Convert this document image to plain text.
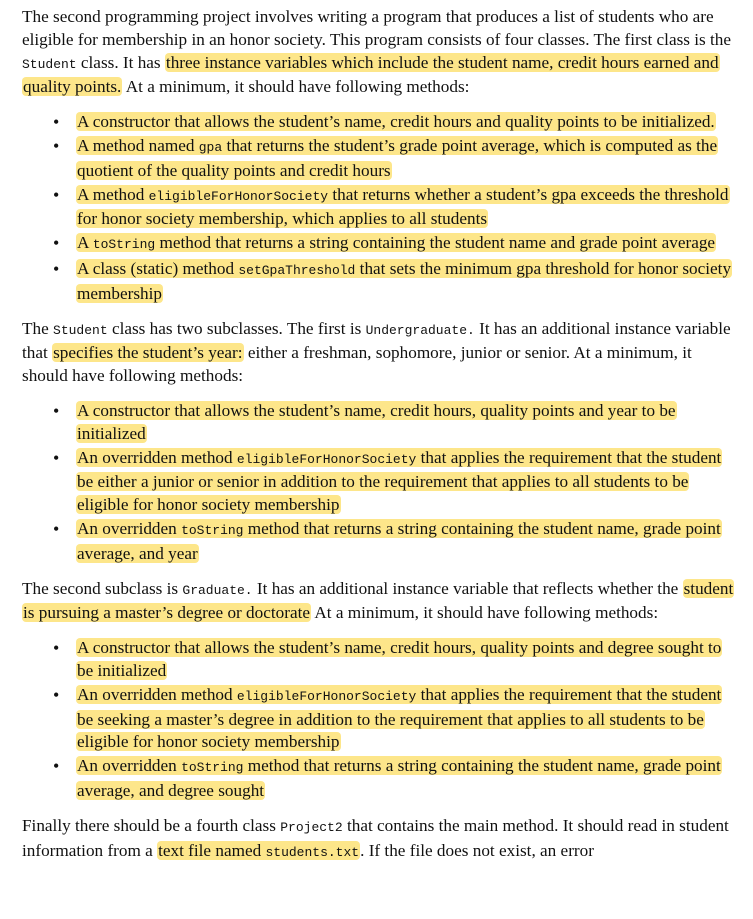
The second programming project involves writing a program that produces a list of students who are eligible for membership in an honor society. This program consists of four classes. The first class is the Student class. It has three instance variables which include the student name, credit hours earned and quality points. At a minimum, it should have following methods:

• A constructor that allows the student’s name, credit hours and quality points to be initialized.
• A method named gpa that returns the student’s grade point average, which is computed as the quotient of the quality points and credit hours
• A method eligibleForHonorSociety that returns whether a student’s gpa exceeds the threshold for honor society membership, which applies to all students
• A toString method that returns a string containing the student name and grade point average
• A class (static) method setGpaThreshold that sets the minimum gpa threshold for honor society membership

The Student class has two subclasses. The first is Undergraduate. It has an additional instance variable that specifies the student’s year: either a freshman, sophomore, junior or senior. At a minimum, it should have following methods:

• A constructor that allows the student’s name, credit hours, quality points and year to be initialized
• An overridden method eligibleForHonorSociety that applies the requirement that the student be either a junior or senior in addition to the requirement that applies to all students to be eligible for honor society membership
• An overridden toString method that returns a string containing the student name, grade point average, and year

The second subclass is Graduate. It has an additional instance variable that reflects whether the student is pursuing a master’s degree or doctorate At a minimum, it should have following methods:

• A constructor that allows the student’s name, credit hours, quality points and degree sought to be initialized
• An overridden method eligibleForHonorSociety that applies the requirement that the student be seeking a master’s degree in addition to the requirement that applies to all students to be eligible for honor society membership
• An overridden toString method that returns a string containing the student name, grade point average, and degree sought

Finally there should be a fourth class Project2 that contains the main method. It should read in student information from a text file named students.txt. If the file does not exist, an error
